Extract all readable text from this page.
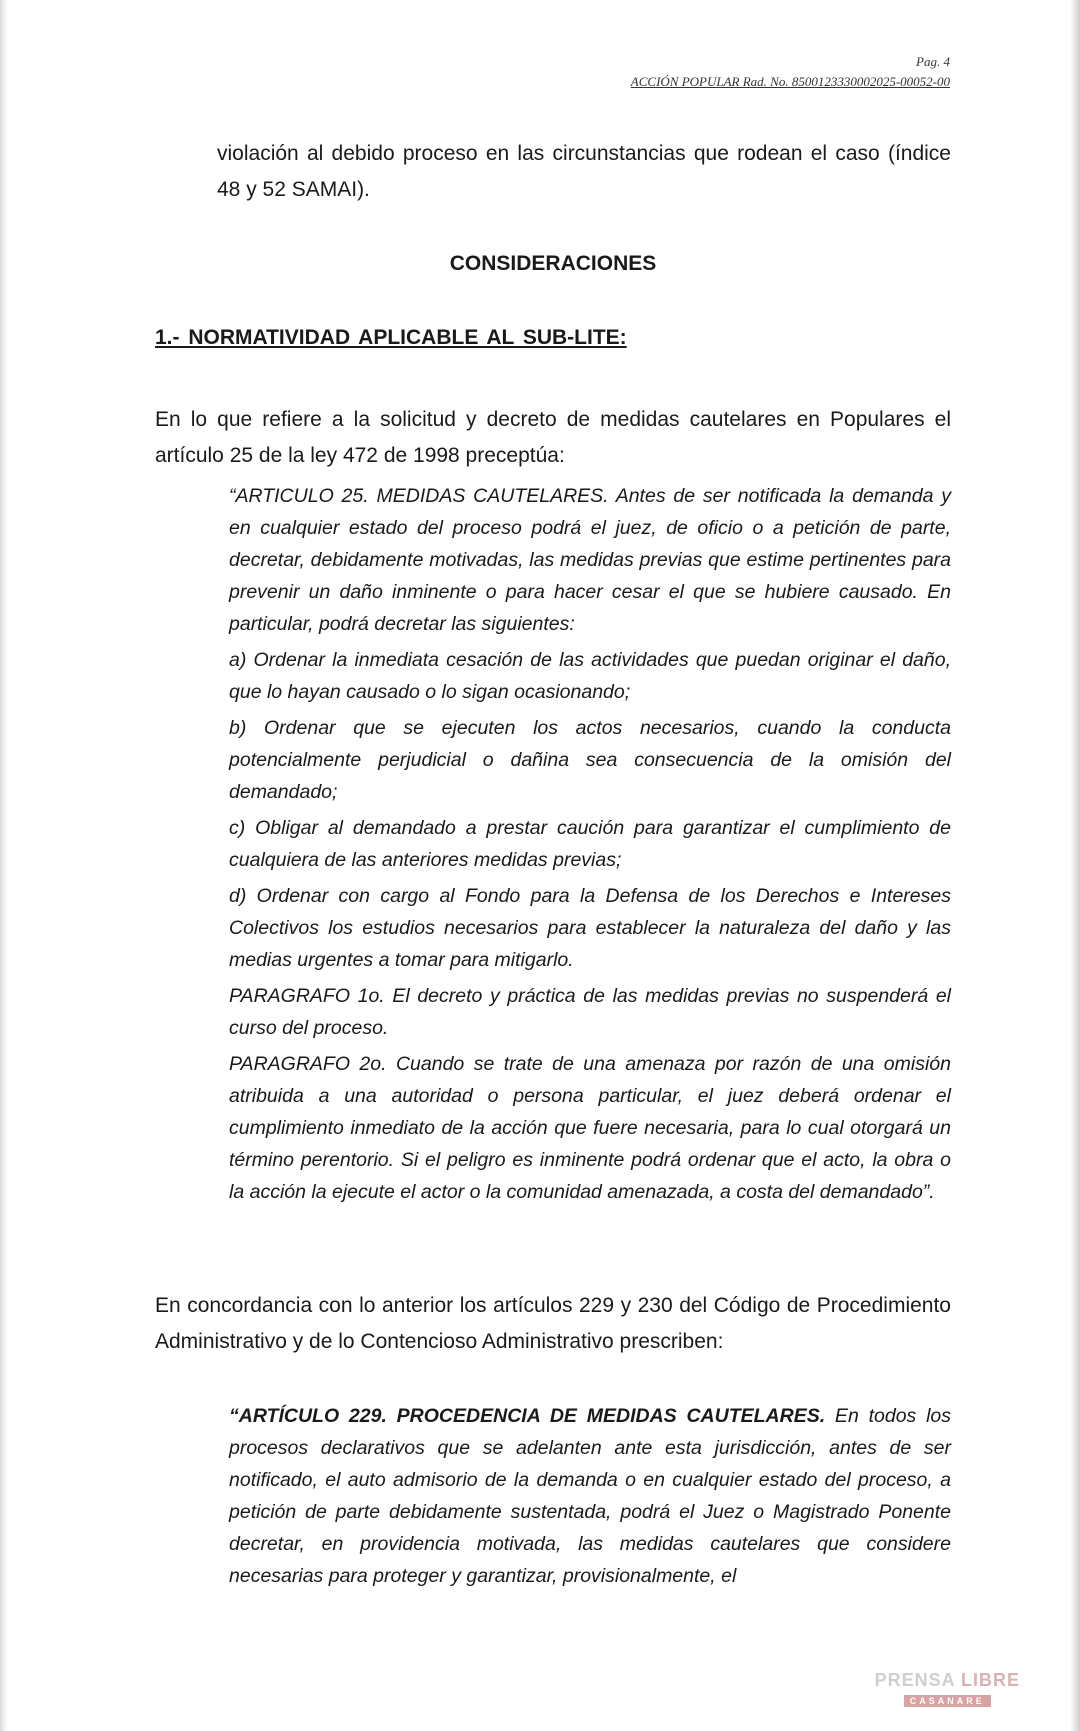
Pag. 4
ACCIÓN POPULAR Rad. No. 85001233300020​25-00052-00
violación al debido proceso en las circunstancias que rodean el caso (índice 48 y 52 SAMAI).
CONSIDERACIONES
1.- NORMATIVIDAD APLICABLE AL SUB-LITE:
En lo que refiere a la solicitud y decreto de medidas cautelares en Populares el artículo 25 de la ley 472 de 1998 preceptúa:

“ARTICULO 25. MEDIDAS CAUTELARES. Antes de ser notificada la demanda y en cualquier estado del proceso podrá el juez, de oficio o a petición de parte, decretar, debidamente motivadas, las medidas previas que estime pertinentes para prevenir un daño inminente o para hacer cesar el que se hubiere causado. En particular, podrá decretar las siguientes:

a) Ordenar la inmediata cesación de las actividades que puedan originar el daño, que lo hayan causado o lo sigan ocasionando;

b) Ordenar que se ejecuten los actos necesarios, cuando la conducta potencialmente perjudicial o dañina sea consecuencia de la omisión del demandado;

c) Obligar al demandado a prestar caución para garantizar el cumplimiento de cualquiera de las anteriores medidas previas;

d) Ordenar con cargo al Fondo para la Defensa de los Derechos e Intereses Colectivos los estudios necesarios para establecer la naturaleza del daño y las medias urgentes a tomar para mitigarlo.

PARAGRAFO 1o. El decreto y práctica de las medidas previas no suspenderá el curso del proceso.

PARAGRAFO 2o. Cuando se trate de una amenaza por razón de una omisión atribuida a una autoridad o persona particular, el juez deberá ordenar el cumplimiento inmediato de la acción que fuere necesaria, para lo cual otorgará un término perentorio. Si el peligro es inminente podrá ordenar que el acto, la obra o la acción la ejecute el actor o la comunidad amenazada, a costa del demandado”.

En concordancia con lo anterior los artículos 229 y 230 del Código de Procedimiento Administrativo y de lo Contencioso Administrativo prescriben:

“ARTÍCULO 229. PROCEDENCIA DE MEDIDAS CAUTELARES. En todos los procesos declarativos que se adelanten ante esta jurisdicción, antes de ser notificado, el auto admisorio de la demanda o en cualquier estado del proceso, a petición de parte debidamente sustentada, podrá el Juez o Magistrado Ponente decretar, en providencia motivada, las medidas cautelares que considere necesarias para proteger y garantizar, provisionalmente, el

PRENSA LIBRE
CASANARE
